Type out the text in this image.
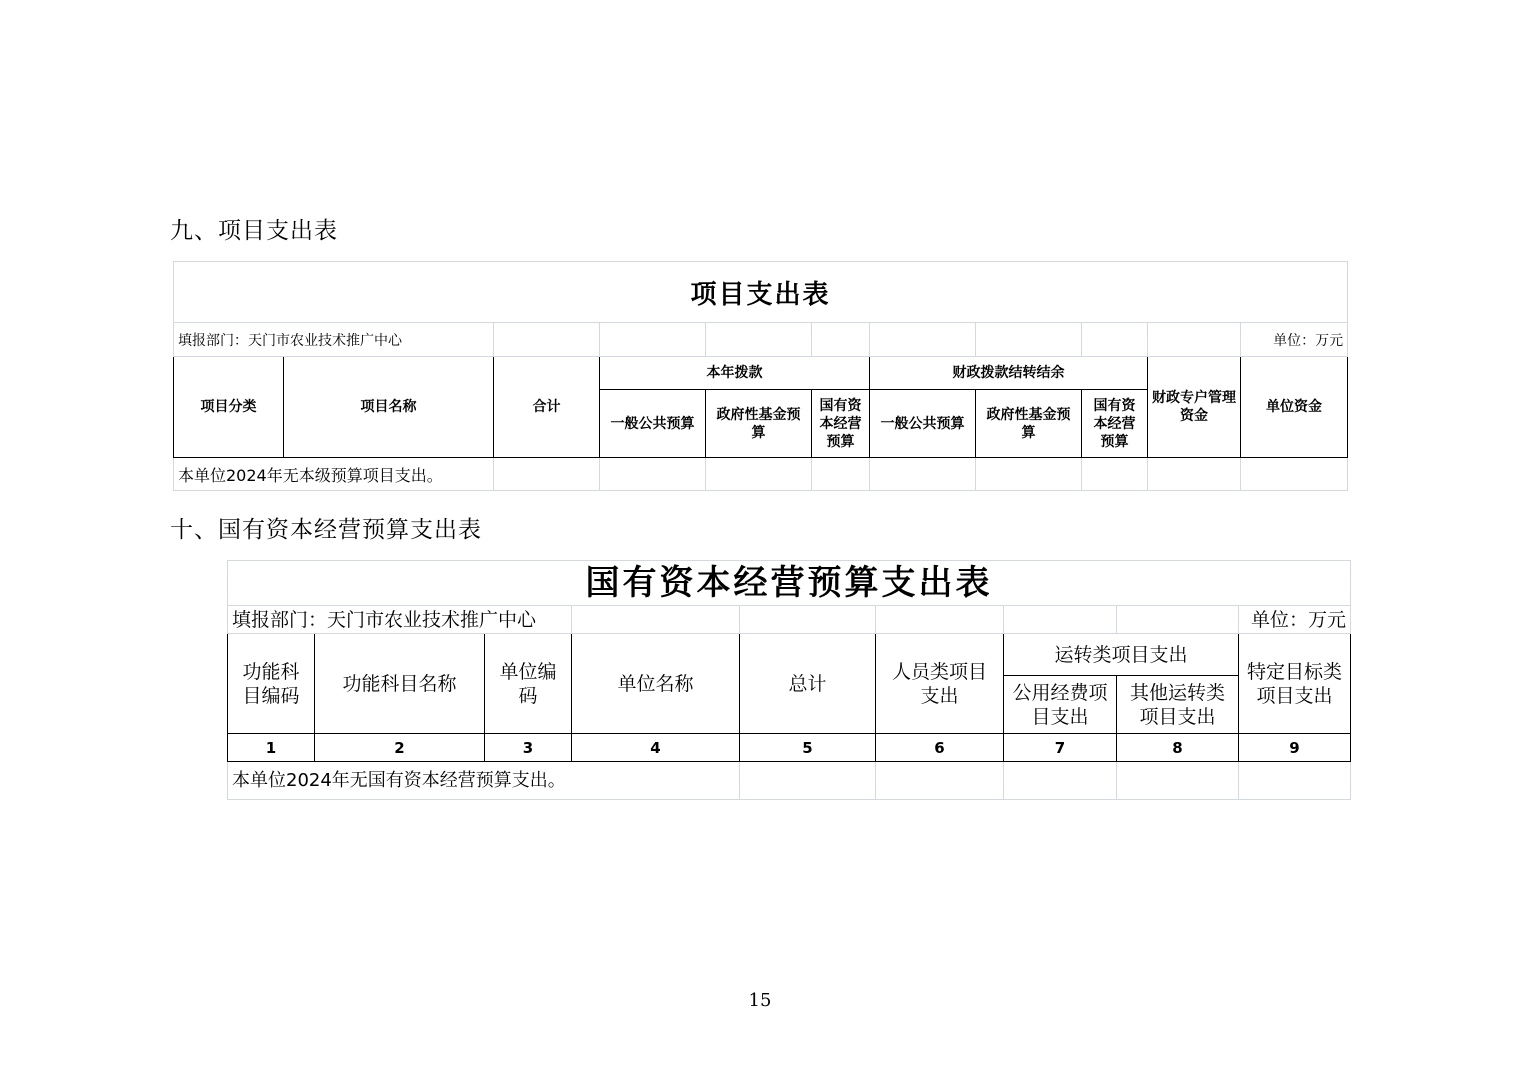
九、项目支出表
项目支出表										
填报部门：天门市农业技术推广中心										单位：万元
项目分类	项目名称	合计	本年拨款			财政拨款结转结余			财政专户管理资金	单位资金
			一般公共预算	政府性基金预算	国有资本经营预算	一般公共预算	政府性基金预算	国有资本经营预算		
本单位2024年无本级预算项目支出。										
十、国有资本经营预算支出表
国有资本经营预算支出表								
填报部门：天门市农业技术推广中心								单位：万元
功能科目编码	功能科目名称	单位编码	单位名称	总计	人员类项目支出	运转类项目支出		特定目标类项目支出
						公用经费项目支出	其他运转类项目支出	
1	2	3	4	5	6	7	8	9
本单位2024年无国有资本经营预算支出。								
15
